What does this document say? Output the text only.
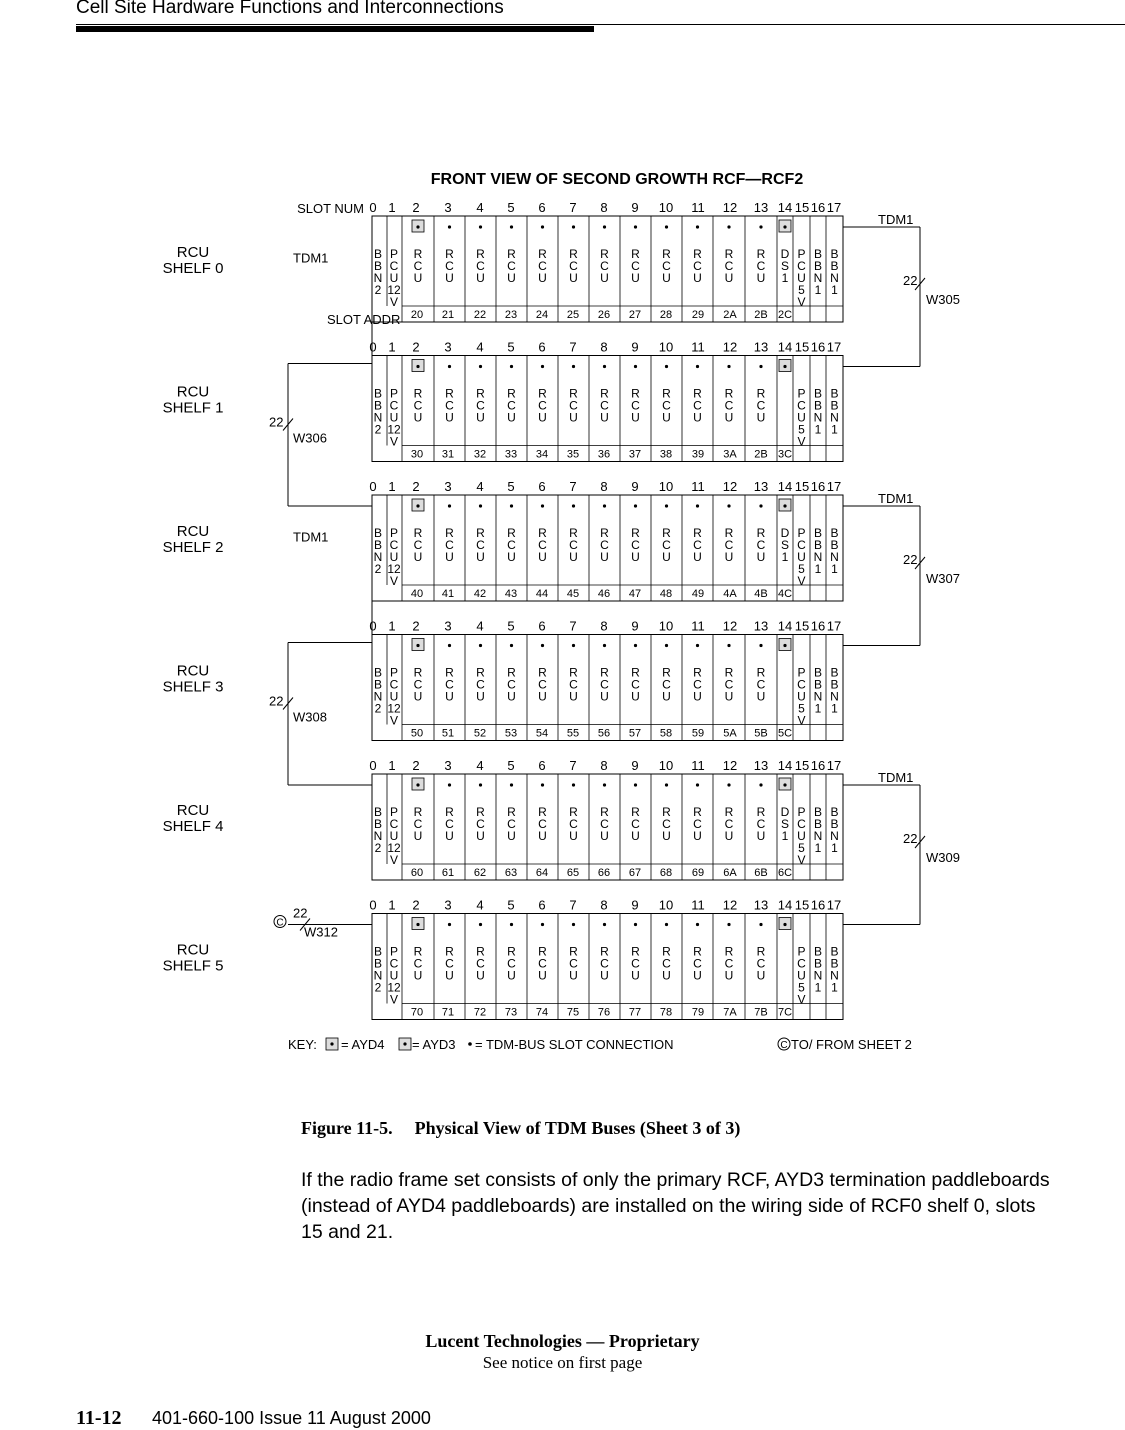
Cell Site Hardware Functions and Interconnections
FRONT VIEW OF SECOND GROWTH RCF—RCF2
SLOT NUM
SLOT ADDR
RCU
SHELF 0
0 1 2 3 4 5 6 7 8 9 10 11 12 13 14 15 16 17
B
B
N
2
P
C
U
12
V
R
C
U
R
C
U
R
C
U
R
C
U
R
C
U
R
C
U
R
C
U
R
C
U
R
C
U
R
C
U
R
C
U
R
C
U
D
S
1
P
C
U
5
V
B
B
N
1
B
B
N
1
20 21 22 23 24 25 26 27 28 29 2A 2B 2C
RCU
SHELF 1
0 1 2 3 4 5 6 7 8 9 10 11 12 13 14 15 16 17
B
B
N
2
P
C
U
12
V
R
C
U
R
C
U
R
C
U
R
C
U
R
C
U
R
C
U
R
C
U
R
C
U
R
C
U
R
C
U
R
C
U
R
C
U
P
C
U
5
V
B
B
N
1
B
B
N
1
30 31 32 33 34 35 36 37 38 39 3A 2B 3C
RCU
SHELF 2
0 1 2 3 4 5 6 7 8 9 10 11 12 13 14 15 16 17
B
B
N
2
P
C
U
12
V
R
C
U
R
C
U
R
C
U
R
C
U
R
C
U
R
C
U
R
C
U
R
C
U
R
C
U
R
C
U
R
C
U
R
C
U
D
S
1
P
C
U
5
V
B
B
N
1
B
B
N
1
40 41 42 43 44 45 46 47 48 49 4A 4B 4C
RCU
SHELF 3
0 1 2 3 4 5 6 7 8 9 10 11 12 13 14 15 16 17
B
B
N
2
P
C
U
12
V
R
C
U
R
C
U
R
C
U
R
C
U
R
C
U
R
C
U
R
C
U
R
C
U
R
C
U
R
C
U
R
C
U
R
C
U
P
C
U
5
V
B
B
N
1
B
B
N
1
50 51 52 53 54 55 56 57 58 59 5A 5B 5C
RCU
SHELF 4
0 1 2 3 4 5 6 7 8 9 10 11 12 13 14 15 16 17
B
B
N
2
P
C
U
12
V
R
C
U
R
C
U
R
C
U
R
C
U
R
C
U
R
C
U
R
C
U
R
C
U
R
C
U
R
C
U
R
C
U
R
C
U
D
S
1
P
C
U
5
V
B
B
N
1
B
B
N
1
60 61 62 63 64 65 66 67 68 69 6A 6B 6C
RCU
SHELF 5
0 1 2 3 4 5 6 7 8 9 10 11 12 13 14 15 16 17
B
B
N
2
P
C
U
12
V
R
C
U
R
C
U
R
C
U
R
C
U
R
C
U
R
C
U
R
C
U
R
C
U
R
C
U
R
C
U
R
C
U
R
C
U
P
C
U
5
V
B
B
N
1
B
B
N
1
70 71 72 73 74 75 76 77 78 79 7A 7B 7C
TDM1
22
W305
TDM1
22
W306
TDM1
22
W307
TDM1
22
W308
TDM1
22
W309
22
W312
C
KEY: = AYD4 = AYD3 = TDM-BUS SLOT CONNECTION	C TO/ FROM SHEET 2
Figure 11-5. Physical View of TDM Buses (Sheet 3 of 3)
If the radio frame set consists of only the primary RCF, AYD3 termination paddleboards (instead of AYD4 paddleboards) are installed on the wiring side of RCF0 shelf 0, slots 15 and 21.
Lucent Technologies — Proprietary
See notice on first page
11-12 401-660-100 Issue 11 August 2000
